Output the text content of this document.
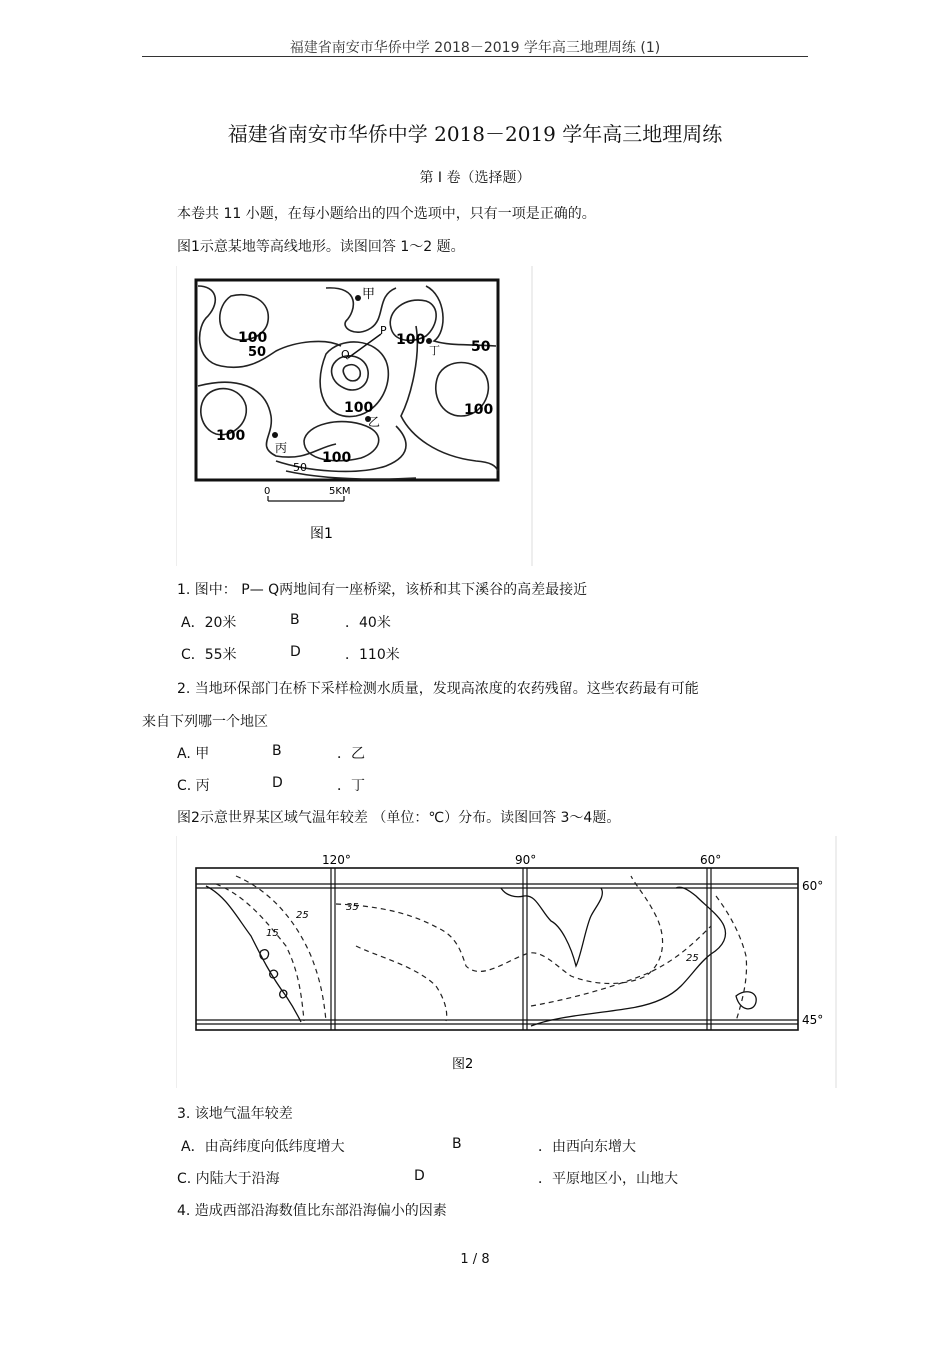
福建省南安市华侨中学 2018－2019 学年高三地理周练 (1)
福建省南安市华侨中学 2018－2019 学年高三地理周练
第 Ⅰ 卷（选择题）
本卷共 11 小题，在每小题给出的四个选项中，只有一项是正确的。
图1示意某地等高线地形。读图回答 1～2 题。
甲
丁
乙
丙
P
Q
100
50
100	50
100	100
100
100
50
0	5KM
图1
1. 图中： P— Q两地间有一座桥梁，该桥和其下溪谷的高差最接近
A．20米	B	．40米
C．55米	D	．110米
2. 当地环保部门在桥下采样检测水质量，发现高浓度的农药残留。这些农药最有可能
来自下列哪一个地区
A. 甲	B	．乙
C. 丙	D	．丁
图2示意世界某区域气温年较差 （单位：℃）分布。读图回答 3～4题。
15
25
35
25
120°	90°	60°
60°
45°
图2
3. 该地气温年较差
A．由高纬度向低纬度增大	B	．由西向东增大
C. 内陆大于沿海	D	．平原地区小，山地大
4. 造成西部沿海数值比东部沿海偏小的因素
1 / 8
